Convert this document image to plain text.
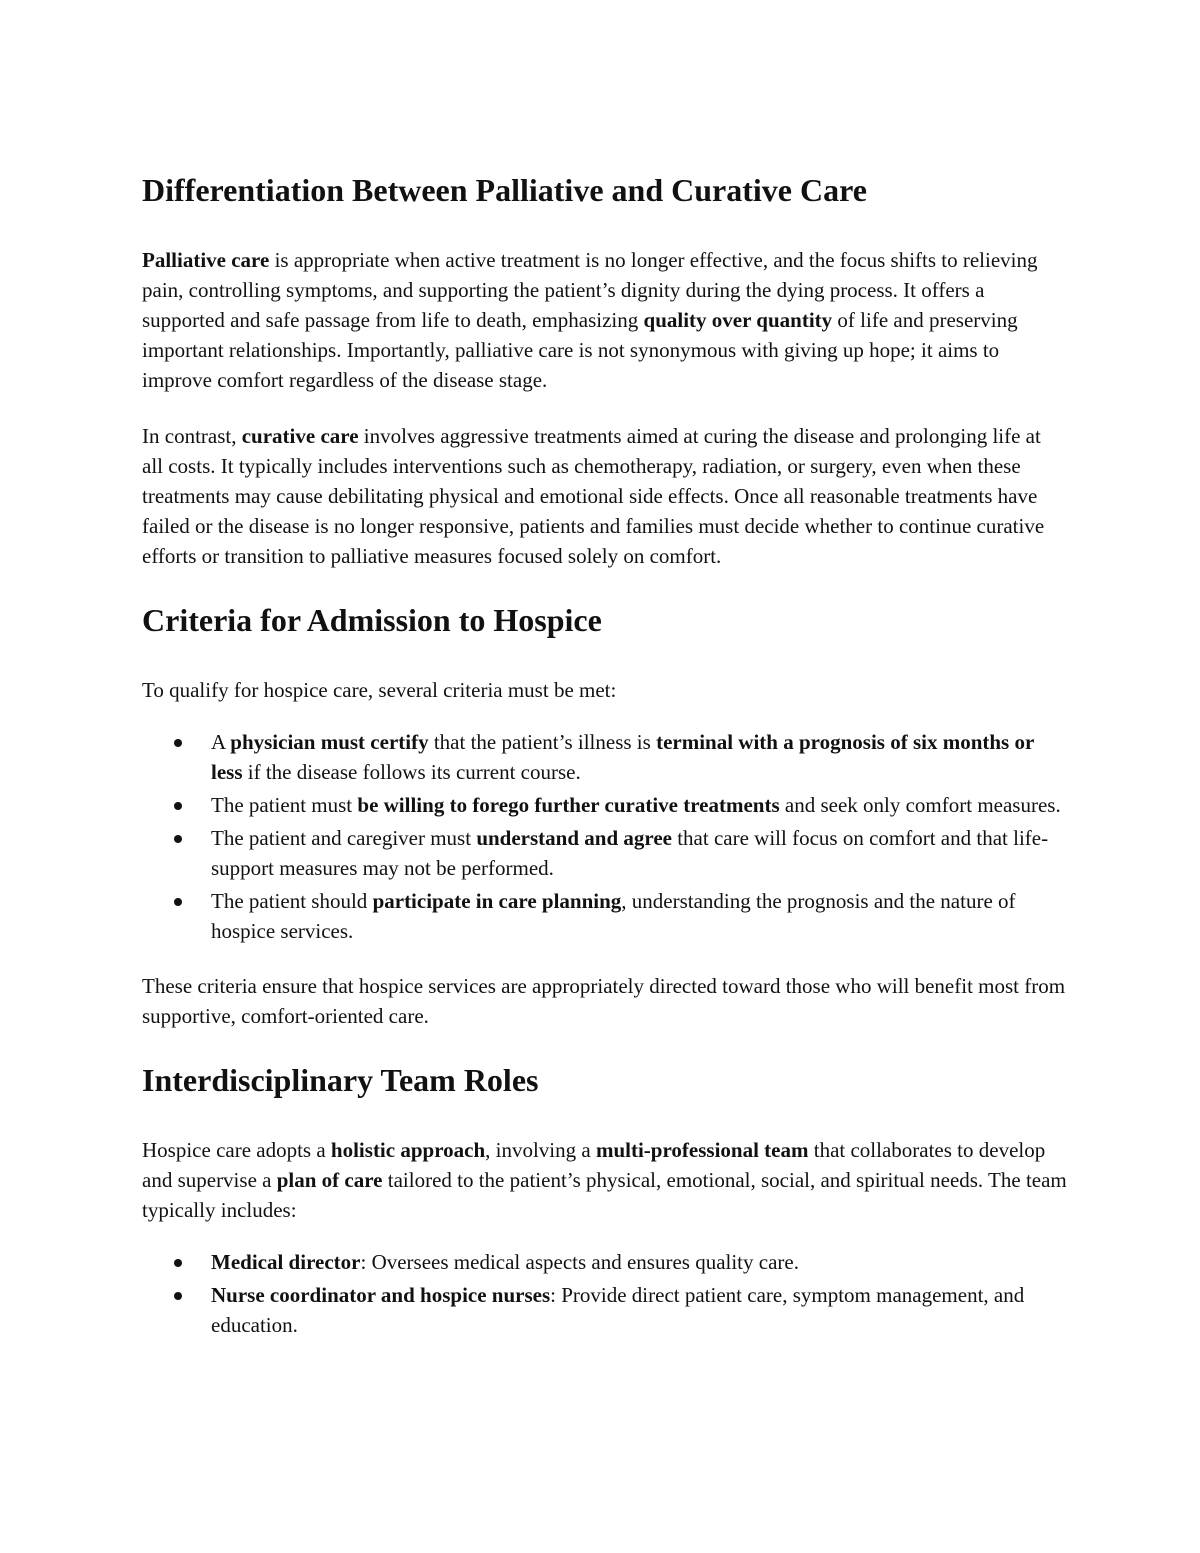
Differentiation Between Palliative and Curative Care

Palliative care is appropriate when active treatment is no longer effective, and the focus shifts to relieving pain, controlling symptoms, and supporting the patient’s dignity during the dying process. It offers a supported and safe passage from life to death, emphasizing quality over quantity of life and preserving important relationships. Importantly, palliative care is not synonymous with giving up hope; it aims to improve comfort regardless of the disease stage.

In contrast, curative care involves aggressive treatments aimed at curing the disease and prolonging life at all costs. It typically includes interventions such as chemotherapy, radiation, or surgery, even when these treatments may cause debilitating physical and emotional side effects. Once all reasonable treatments have failed or the disease is no longer responsive, patients and families must decide whether to continue curative efforts or transition to palliative measures focused solely on comfort.

Criteria for Admission to Hospice

To qualify for hospice care, several criteria must be met:

A physician must certify that the patient’s illness is terminal with a prognosis of six months or less if the disease follows its current course.
The patient must be willing to forego further curative treatments and seek only comfort measures.
The patient and caregiver must understand and agree that care will focus on comfort and that life-support measures may not be performed.
The patient should participate in care planning, understanding the prognosis and the nature of hospice services.

These criteria ensure that hospice services are appropriately directed toward those who will benefit most from supportive, comfort-oriented care.

Interdisciplinary Team Roles

Hospice care adopts a holistic approach, involving a multi-professional team that collaborates to develop and supervise a plan of care tailored to the patient’s physical, emotional, social, and spiritual needs. The team typically includes:

Medical director: Oversees medical aspects and ensures quality care.
Nurse coordinator and hospice nurses: Provide direct patient care, symptom management, and education.
